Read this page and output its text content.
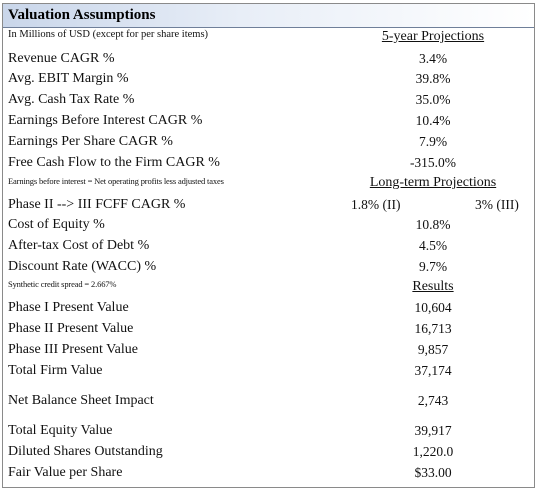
Valuation Assumptions
In Millions of USD (except for per share items)	5-year Projections
Revenue CAGR %	3.4%
Avg. EBIT Margin %	39.8%
Avg. Cash Tax Rate %	35.0%
Earnings Before Interest CAGR %	10.4%
Earnings Per Share CAGR %	7.9%
Free Cash Flow to the Firm CAGR %	-315.0%
Earnings before interest = Net operating profits less adjusted taxes	Long-term Projections
Phase II --> III FCFF CAGR %	1.8% (II)	3% (III)
Cost of Equity %	10.8%
After-tax Cost of Debt %	4.5%
Discount Rate (WACC) %	9.7%
Synthetic credit spread = 2.667%	Results
Phase I Present Value	10,604
Phase II Present Value	16,713
Phase III Present Value	9,857
Total Firm Value	37,174
Net Balance Sheet Impact	2,743
Total Equity Value	39,917
Diluted Shares Outstanding	1,220.0
Fair Value per Share	$33.00
